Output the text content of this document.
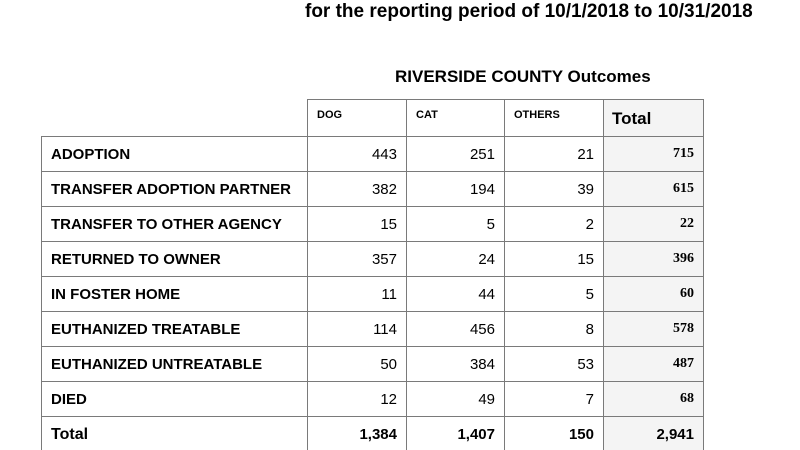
for the reporting period of 10/1/2018 to 10/31/2018
RIVERSIDE COUNTY Outcomes
	DOG	CAT	OTHERS	Total
ADOPTION	443	251	21	715
TRANSFER ADOPTION PARTNER	382	194	39	615
TRANSFER TO OTHER AGENCY	15	5	2	22
RETURNED TO OWNER	357	24	15	396
IN FOSTER HOME	11	44	5	60
EUTHANIZED TREATABLE	114	456	8	578
EUTHANIZED UNTREATABLE	50	384	53	487
DIED	12	49	7	68
Total	1,384	1,407	150	2,941
